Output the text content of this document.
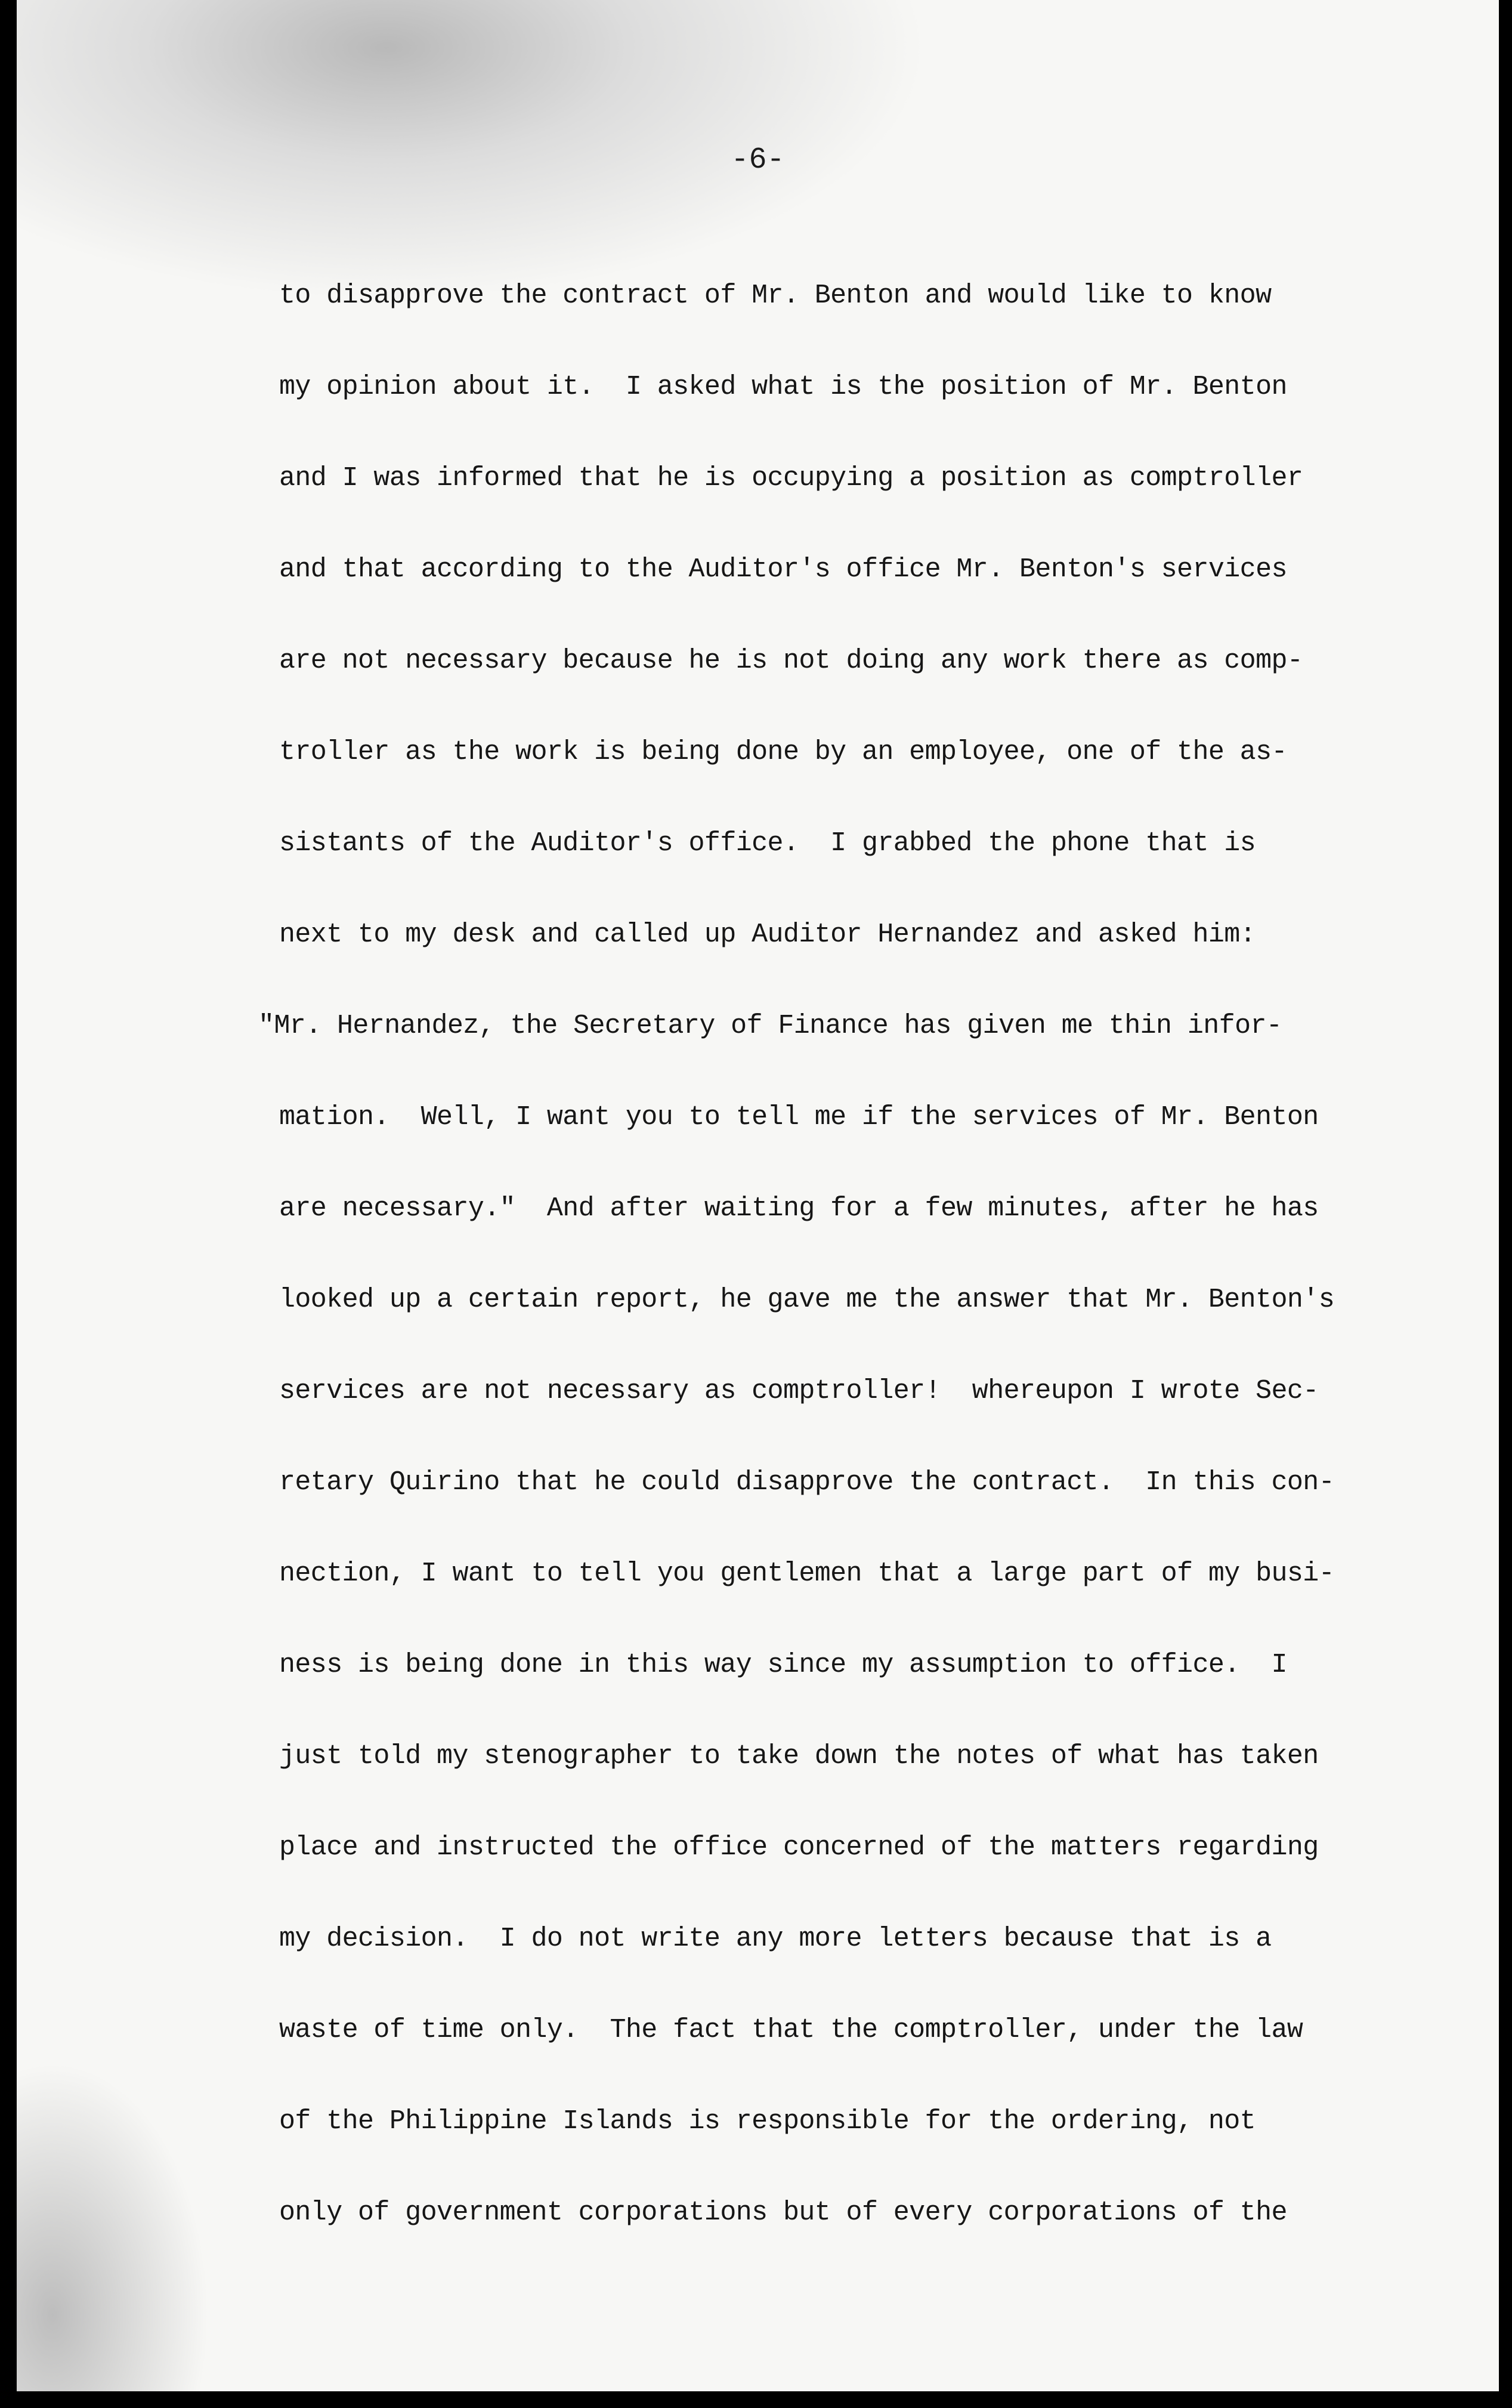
-6-

to disapprove the contract of Mr. Benton and would like to know
my opinion about it.  I asked what is the position of Mr. Benton
and I was informed that he is occupying a position as comptroller
and that according to the Auditor's office Mr. Benton's services
are not necessary because he is not doing any work there as comp-
troller as the work is being done by an employee, one of the as-
sistants of the Auditor's office.  I grabbed the phone that is
next to my desk and called up Auditor Hernandez and asked him:
"Mr. Hernandez, the Secretary of Finance has given me thin infor-
mation.  Well, I want you to tell me if the services of Mr. Benton
are necessary."  And after waiting for a few minutes, after he has
looked up a certain report, he gave me the answer that Mr. Benton's
services are not necessary as comptroller!  whereupon I wrote Sec-
retary Quirino that he could disapprove the contract.  In this con-
nection, I want to tell you gentlemen that a large part of my busi-
ness is being done in this way since my assumption to office.  I
just told my stenographer to take down the notes of what has taken
place and instructed the office concerned of the matters regarding
my decision.  I do not write any more letters because that is a
waste of time only.  The fact that the comptroller, under the law
of the Philippine Islands is responsible for the ordering, not
only of government corporations but of every corporations of the
